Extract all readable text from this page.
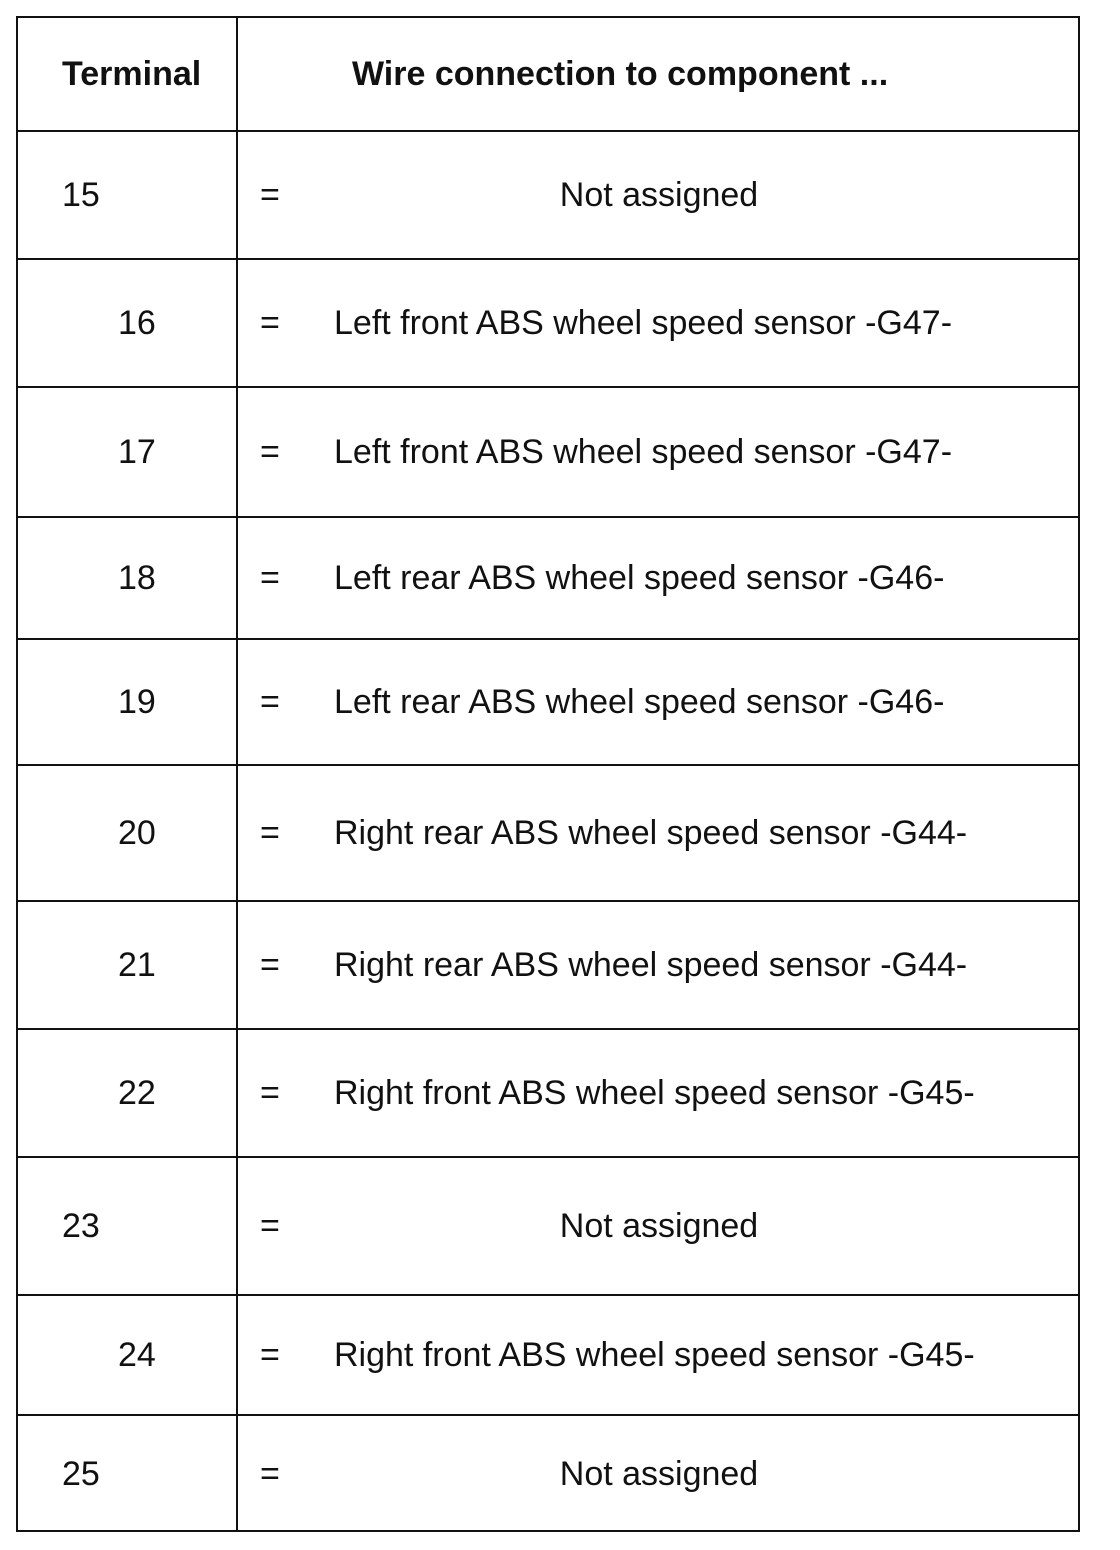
Terminal	Wire connection to component ...
15	=	Not assigned
16	= Left front ABS wheel speed sensor -G47-
17	= Left front ABS wheel speed sensor -G47-
18	= Left rear ABS wheel speed sensor -G46-
19	= Left rear ABS wheel speed sensor -G46-
20	= Right rear ABS wheel speed sensor -G44-
21	= Right rear ABS wheel speed sensor -G44-
22	= Right front ABS wheel speed sensor -G45-
23	=	Not assigned
24	= Right front ABS wheel speed sensor -G45-
25	=	Not assigned
